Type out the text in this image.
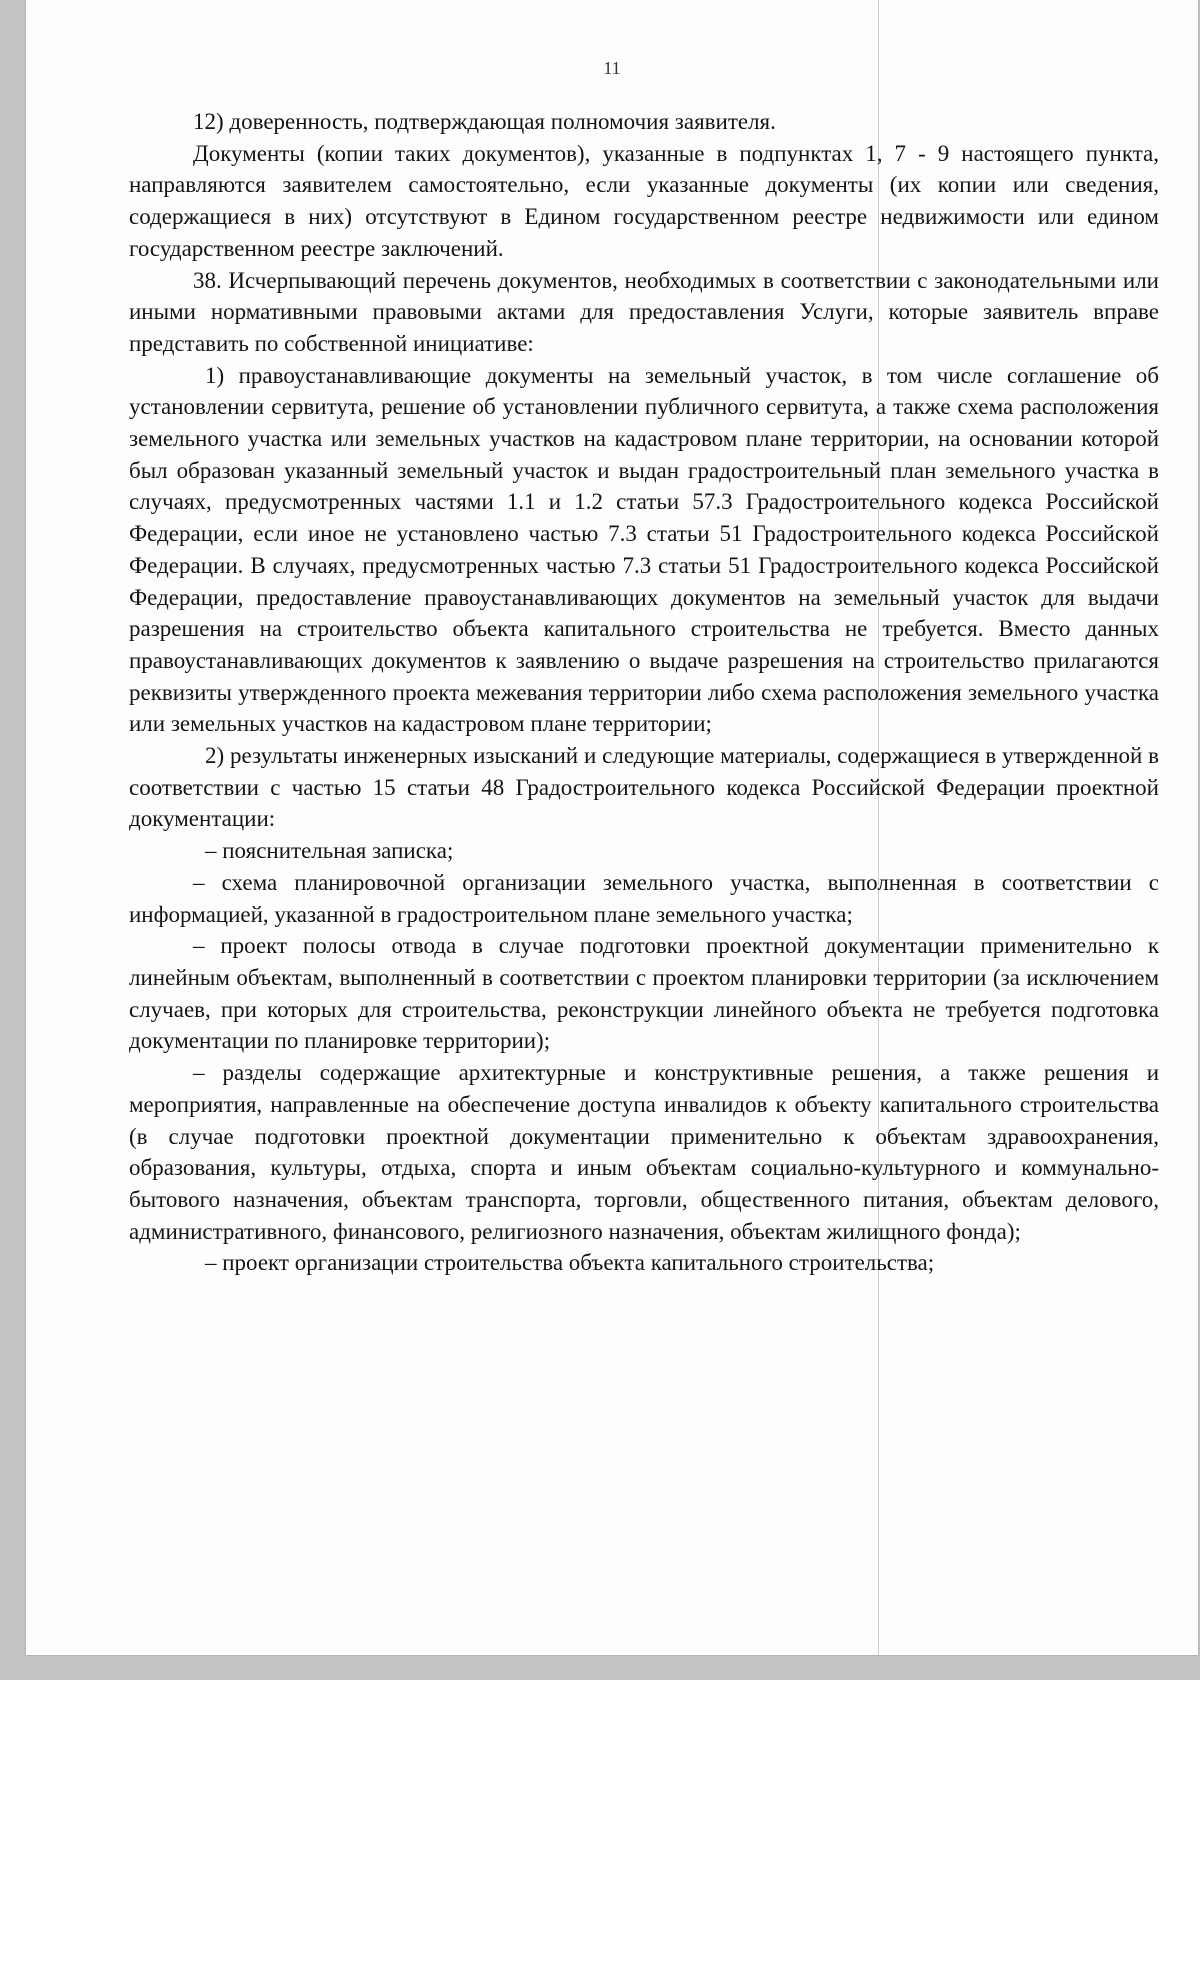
11

12) доверенность, подтверждающая полномочия заявителя.

Документы (копии таких документов), указанные в подпунктах 1, 7 - 9 настоящего пункта, направляются заявителем самостоятельно, если указанные документы (их копии или сведения, содержащиеся в них) отсутствуют в Едином государственном реестре недвижимости или едином государственном реестре заключений.

38. Исчерпывающий перечень документов, необходимых в соответствии с законодательными или иными нормативными правовыми актами для предоставления Услуги, которые заявитель вправе представить по собственной инициативе:

1) правоустанавливающие документы на земельный участок, в том числе соглашение об установлении сервитута, решение об установлении публичного сервитута, а также схема расположения земельного участка или земельных участков на кадастровом плане территории, на основании которой был образован указанный земельный участок и выдан градостроительный план земельного участка в случаях, предусмотренных частями 1.1 и 1.2 статьи 57.3 Градостроительного кодекса Российской Федерации, если иное не установлено частью 7.3 статьи 51 Градостроительного кодекса Российской Федерации. В случаях, предусмотренных частью 7.3 статьи 51 Градостроительного кодекса Российской Федерации, предоставление правоустанавливающих документов на земельный участок для выдачи разрешения на строительство объекта капитального строительства не требуется. Вместо данных правоустанавливающих документов к заявлению о выдаче разрешения на строительство прилагаются реквизиты утвержденного проекта межевания территории либо схема расположения земельного участка или земельных участков на кадастровом плане территории;

2) результаты инженерных изысканий и следующие материалы, содержащиеся в утвержденной в соответствии с частью 15 статьи 48 Градостроительного кодекса Российской Федерации проектной документации:

– пояснительная записка;

– схема планировочной организации земельного участка, выполненная в соответствии с информацией, указанной в градостроительном плане земельного участка;

– проект полосы отвода в случае подготовки проектной документации применительно к линейным объектам, выполненный в соответствии с проектом планировки территории (за исключением случаев, при которых для строительства, реконструкции линейного объекта не требуется подготовка документации по планировке территории);

– разделы содержащие архитектурные и конструктивные решения, а также решения и мероприятия, направленные на обеспечение доступа инвалидов к объекту капитального строительства (в случае подготовки проектной документации применительно к объектам здравоохранения, образования, культуры, отдыха, спорта и иным объектам социально-культурного и коммунально-бытового назначения, объектам транспорта, торговли, общественного питания, объектам делового, административного, финансового, религиозного назначения, объектам жилищного фонда);

– проект организации строительства объекта капитального строительства;
